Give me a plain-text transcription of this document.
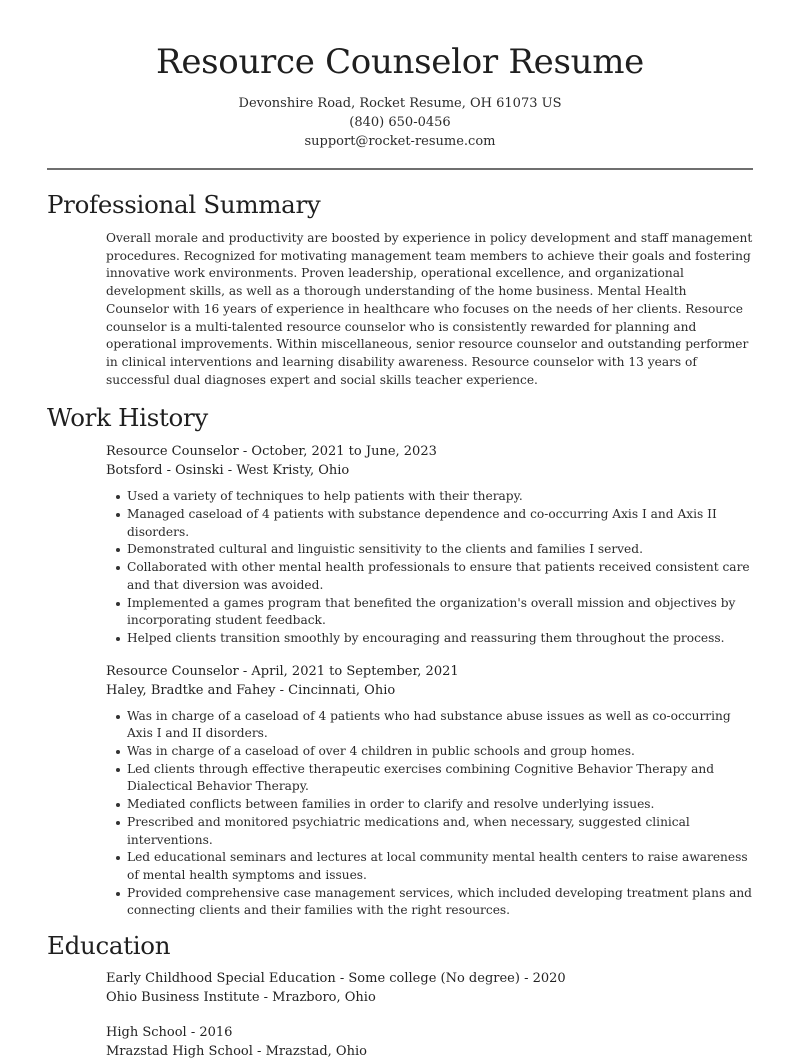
Resource Counselor Resume
Devonshire Road, Rocket Resume, OH 61073 US
(840) 650-0456
support@rocket-resume.com
Professional Summary

Overall morale and productivity are boosted by experience in policy development and staff management procedures. Recognized for motivating management team members to achieve their goals and fostering innovative work environments. Proven leadership, operational excellence, and organizational development skills, as well as a thorough understanding of the home business. Mental Health Counselor with 16 years of experience in healthcare who focuses on the needs of her clients. Resource counselor is a multi-talented resource counselor who is consistently rewarded for planning and operational improvements. Within miscellaneous, senior resource counselor and outstanding performer in clinical interventions and learning disability awareness. Resource counselor with 13 years of successful dual diagnoses expert and social skills teacher experience.

Work History
Resource Counselor - October, 2021 to June, 2023
Botsford - Osinski - West Kristy, Ohio
Used a variety of techniques to help patients with their therapy.
Managed caseload of 4 patients with substance dependence and co-occurring Axis I and Axis II disorders.
Demonstrated cultural and linguistic sensitivity to the clients and families I served.
Collaborated with other mental health professionals to ensure that patients received consistent care and that diversion was avoided.
Implemented a games program that benefited the organization's overall mission and objectives by incorporating student feedback.
Helped clients transition smoothly by encouraging and reassuring them throughout the process.
Resource Counselor - April, 2021 to September, 2021
Haley, Bradtke and Fahey - Cincinnati, Ohio
Was in charge of a caseload of 4 patients who had substance abuse issues as well as co-occurring Axis I and II disorders.
Was in charge of a caseload of over 4 children in public schools and group homes.
Led clients through effective therapeutic exercises combining Cognitive Behavior Therapy and Dialectical Behavior Therapy.
Mediated conflicts between families in order to clarify and resolve underlying issues.
Prescribed and monitored psychiatric medications and, when necessary, suggested clinical interventions.
Led educational seminars and lectures at local community mental health centers to raise awareness of mental health symptoms and issues.
Provided comprehensive case management services, which included developing treatment plans and connecting clients and their families with the right resources.
Education
Early Childhood Special Education - Some college (No degree) - 2020
Ohio Business Institute - Mrazboro, Ohio
High School - 2016
Mrazstad High School - Mrazstad, Ohio
